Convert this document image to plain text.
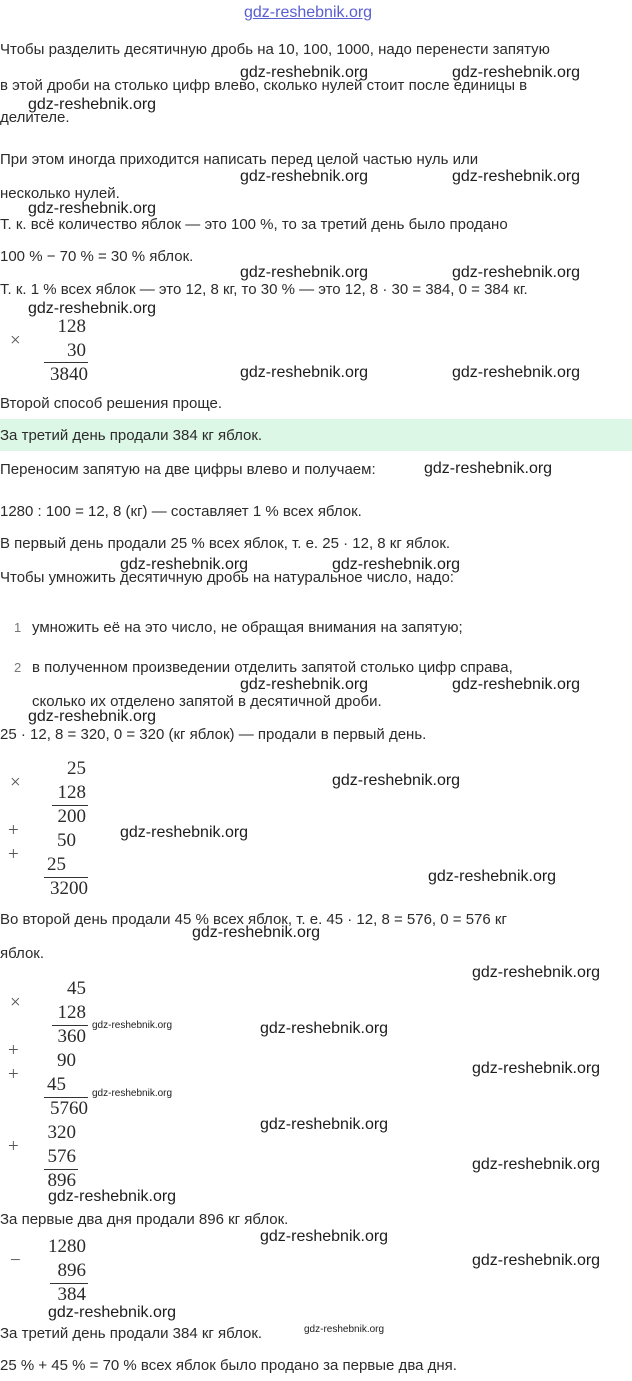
gdz-reshebnik.org
Чтобы разделить десятичную дробь на 10, 100, 1000, надо перенести запятую
в этой дроби на столько цифр влево, сколько нулей стоит после единицы в
делителе.
При этом иногда приходится написать перед целой частью нуль или
несколько нулей.
Т. к. всё количество яблок — это 100 %, то за третий день было продано
100 % − 70 % = 30 % яблок.
Т. к. 1 % всех яблок — это 12, 8 кг, то 30 % — это 12, 8 · 30 = 384, 0 = 384 кг.
×
128
30
3840
Второй способ решения проще.
За третий день продали 384 кг яблок.
Переносим запятую на две цифры влево и получаем:
1280 : 100 = 12, 8 (кг) — составляет 1 % всех яблок.
В первый день продали 25 % всех яблок, т. е. 25 · 12, 8 кг яблок.
Чтобы умножить десятичную дробь на натуральное число, надо:
1 умножить её на это число, не обращая внимания на запятую;
2 в полученном произведении отделить запятой столько цифр справа,
сколько их отделено запятой в десятичной дроби.
25 · 12, 8 = 320, 0 = 320 (кг яблок) — продали в первый день.
×
25
128
200
+	50
+	25
3200
Во второй день продали 45 % всех яблок, т. е. 45 · 12, 8 = 576, 0 = 576 кг
яблок.
×
45
128
360
+	90
+	45
5760
+
320
576
896
За первые два дня продали 896 кг яблок.
−
1280
896
384
За третий день продали 384 кг яблок.
25 % + 45 % = 70 % всех яблок было продано за первые два дня.
gdz-reshebnik.org	gdz-reshebnik.org
gdz-reshebnik.org
gdz-reshebnik.org	gdz-reshebnik.org
gdz-reshebnik.org
gdz-reshebnik.org	gdz-reshebnik.org
gdz-reshebnik.org
gdz-reshebnik.org	gdz-reshebnik.org
gdz-reshebnik.org
gdz-reshebnik.org	gdz-reshebnik.org
gdz-reshebnik.org	gdz-reshebnik.org
gdz-reshebnik.org
gdz-reshebnik.org
gdz-reshebnik.org
gdz-reshebnik.org
gdz-reshebnik.org
gdz-reshebnik.org
gdz-reshebnik.org	gdz-reshebnik.org
gdz-reshebnik.org
gdz-reshebnik.org
gdz-reshebnik.org
gdz-reshebnik.org
gdz-reshebnik.org
gdz-reshebnik.org
gdz-reshebnik.org
gdz-reshebnik.org
gdz-reshebnik.org
